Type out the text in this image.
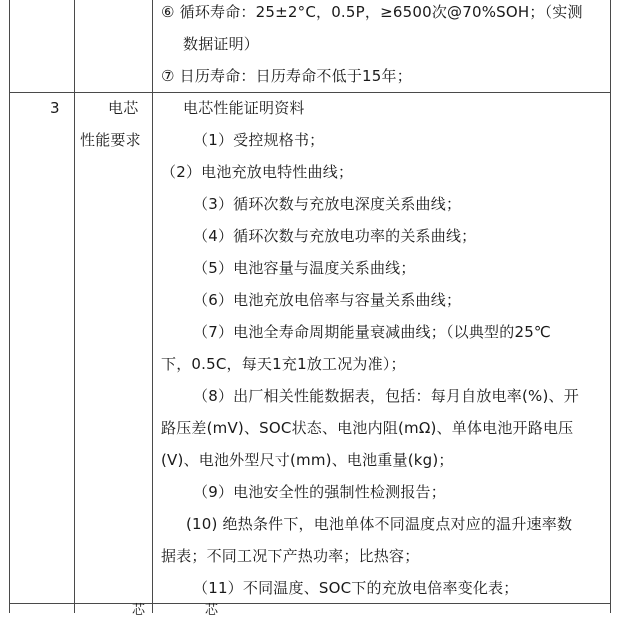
⑥ 循环寿命：25±2°C，0.5P，≥6500次@70%SOH；（实测
数据证明）
⑦ 日历寿命：日历寿命不低于15年；
3	电芯
性能要求
电芯性能证明资料
（1）受控规格书；
（2）电池充放电特性曲线；
（3）循环次数与充放电深度关系曲线；
（4）循环次数与充放电功率的关系曲线；
（5）电池容量与温度关系曲线；
（6）电池充放电倍率与容量关系曲线；
（7）电池全寿命周期能量衰减曲线；（以典型的25℃
下，0.5C，每天1充1放工况为准）；
（8）出厂相关性能数据表，包括：每月自放电率(%)、开
路压差(mV)、SOC状态、电池内阻(mΩ)、单体电池开路电压
(V)、电池外型尺寸(mm)、电池重量(kg)；
（9）电池安全性的强制性检测报告；
(10) 绝热条件下，电池单体不同温度点对应的温升速率数
据表；不同工况下产热功率；比热容；
（11）不同温度、SOC下的充放电倍率变化表；
芯	芯
